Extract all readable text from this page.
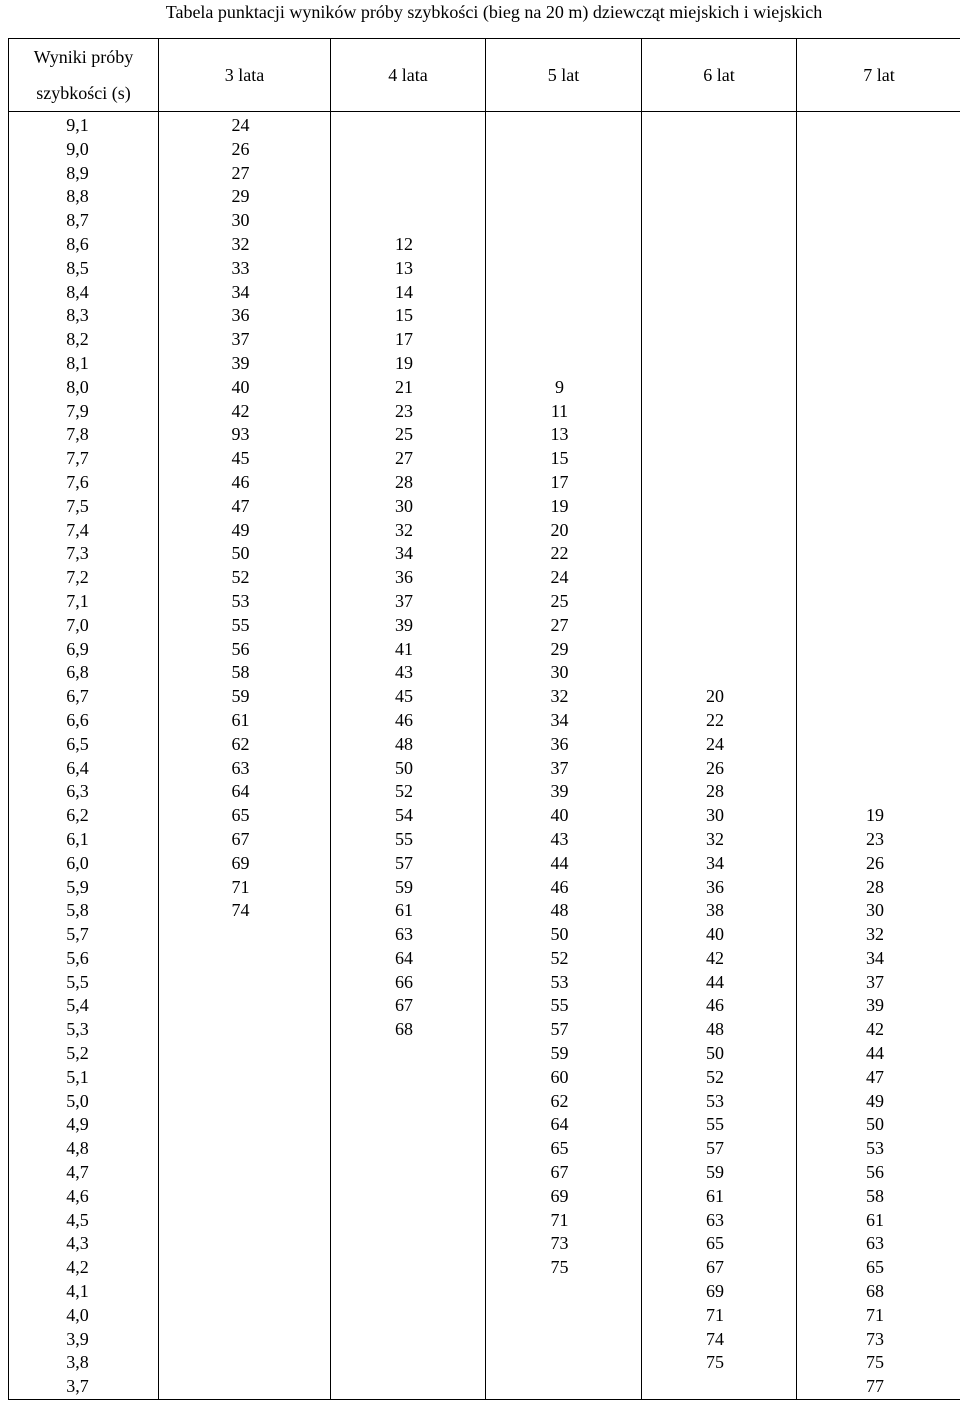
Tabela punktacji wyników próby szybkości (bieg na 20 m) dziewcząt miejskich i wiejskich
Wyniki próby
szybkości (s)	3 lata	4 lata	5 lat	6 lat	7 lat
9,1	24				
9,0	26				
8,9	27				
8,8	29				
8,7	30				
8,6	32	12			
8,5	33	13			
8,4	34	14			
8,3	36	15			
8,2	37	17			
8,1	39	19			
8,0	40	21	9		
7,9	42	23	11		
7,8	93	25	13		
7,7	45	27	15		
7,6	46	28	17		
7,5	47	30	19		
7,4	49	32	20		
7,3	50	34	22		
7,2	52	36	24		
7,1	53	37	25		
7,0	55	39	27		
6,9	56	41	29		
6,8	58	43	30		
6,7	59	45	32	20	
6,6	61	46	34	22	
6,5	62	48	36	24	
6,4	63	50	37	26	
6,3	64	52	39	28	
6,2	65	54	40	30	19
6,1	67	55	43	32	23
6,0	69	57	44	34	26
5,9	71	59	46	36	28
5,8	74	61	48	38	30
5,7		63	50	40	32
5,6		64	52	42	34
5,5		66	53	44	37
5,4		67	55	46	39
5,3		68	57	48	42
5,2			59	50	44
5,1			60	52	47
5,0			62	53	49
4,9			64	55	50
4,8			65	57	53
4,7			67	59	56
4,6			69	61	58
4,5			71	63	61
4,3			73	65	63
4,2			75	67	65
4,1				69	68
4,0				71	71
3,9				74	73
3,8				75	75
3,7					77
